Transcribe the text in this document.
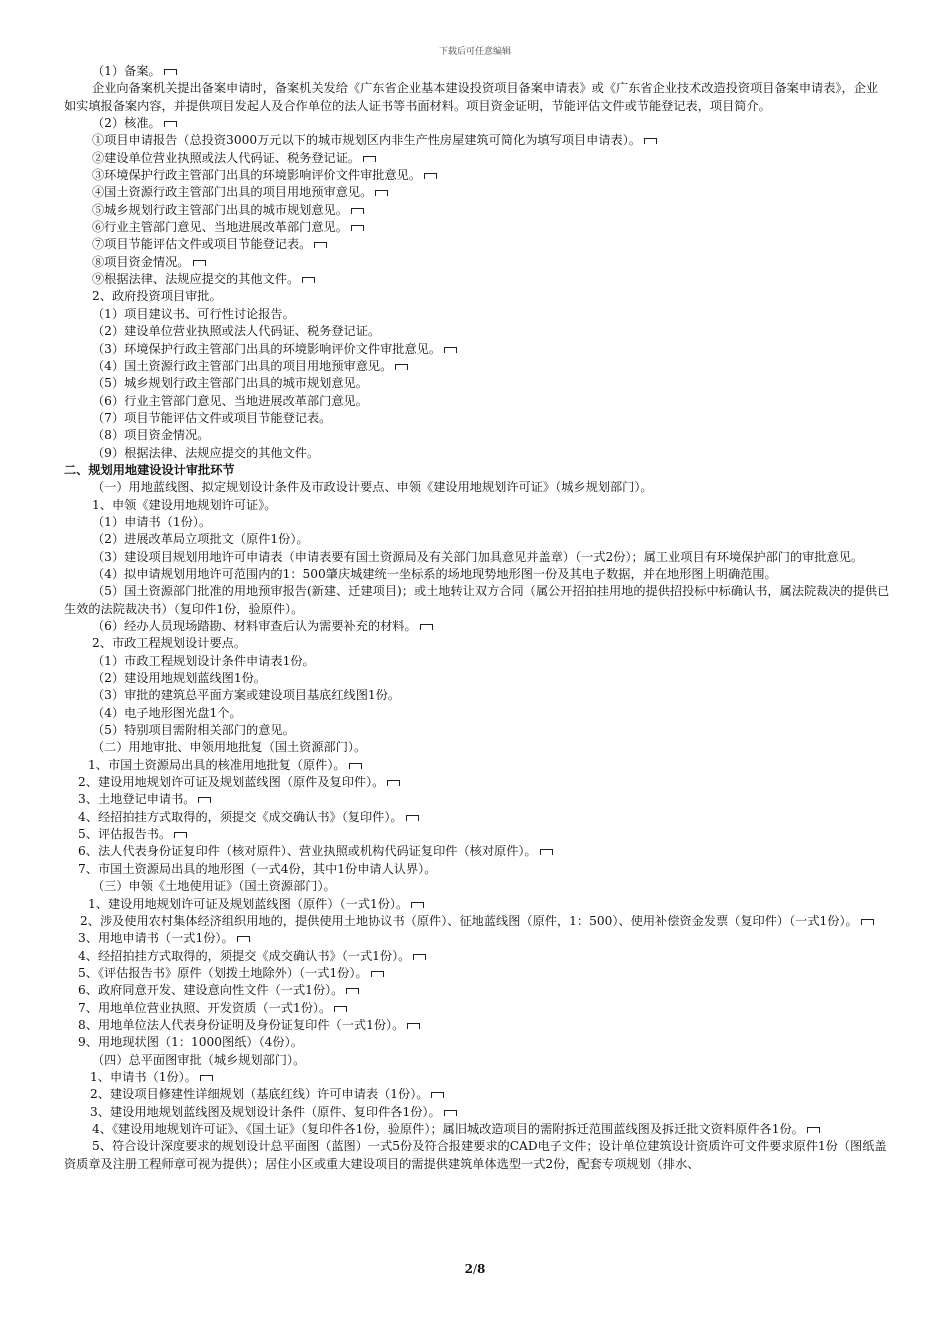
下载后可任意编辑

（1）备案。

企业向备案机关提出备案申请时，备案机关发给《广东省企业基本建设投资项目备案申请表》或《广东省企业技术改造投资项目备案申请表》，企业如实填报备案内容，并提供项目发起人及合作单位的法人证书等书面材料。项目资金证明，节能评估文件或节能登记表，项目简介。

（2）核准。

①项目申请报告（总投资3000万元以下的城市规划区内非生产性房屋建筑可简化为填写项目申请表）。

②建设单位营业执照或法人代码证、税务登记证。

③环境保护行政主管部门出具的环境影响评价文件审批意见。

④国土资源行政主管部门出具的项目用地预审意见。

⑤城乡规划行政主管部门出具的城市规划意见。

⑥行业主管部门意见、当地进展改革部门意见。

⑦项目节能评估文件或项目节能登记表。

⑧项目资金情况。

⑨根据法律、法规应提交的其他文件。

2、政府投资项目审批。

（1）项目建议书、可行性讨论报告。

（2）建设单位营业执照或法人代码证、税务登记证。

（3）环境保护行政主管部门出具的环境影响评价文件审批意见。

（4）国土资源行政主管部门出具的项目用地预审意见。

（5）城乡规划行政主管部门出具的城市规划意见。

（6）行业主管部门意见、当地进展改革部门意见。

（7）项目节能评估文件或项目节能登记表。

（8）项目资金情况。

（9）根据法律、法规应提交的其他文件。

二、规划用地建设设计审批环节

（一）用地蓝线图、拟定规划设计条件及市政设计要点、申领《建设用地规划许可证》（城乡规划部门）。

1、申领《建设用地规划许可证》。

（1）申请书（1份）。

（2）进展改革局立项批文（原件1份）。

（3）建设项目规划用地许可申请表（申请表要有国土资源局及有关部门加具意见并盖章）（一式2份）；属工业项目有环境保护部门的审批意见。

（4）拟申请规划用地许可范围内的1：500肇庆城建统一坐标系的场地现势地形图一份及其电子数据，并在地形图上明确范围。

（5）国土资源部门批准的用地预审报告(新建、迁建项目)；或土地转让双方合同（属公开招拍挂用地的提供招投标中标确认书，属法院裁决的提供已生效的法院裁决书）（复印件1份，验原件）。

（6）经办人员现场踏勘、材料审查后认为需要补充的材料。

2、市政工程规划设计要点。

（1）市政工程规划设计条件申请表1份。

（2）建设用地规划蓝线图1份。

（3）审批的建筑总平面方案或建设项目基底红线图1份。

（4）电子地形图光盘1个。

（5）特别项目需附相关部门的意见。

（二）用地审批、申领用地批复（国土资源部门）。

1、市国土资源局出具的核准用地批复（原件）。

2、建设用地规划许可证及规划蓝线图（原件及复印件）。

3、土地登记申请书。

4、经招拍挂方式取得的，须提交《成交确认书》（复印件）。

5、评估报告书。

6、法人代表身份证复印件（核对原件）、营业执照或机构代码证复印件（核对原件）。

7、市国土资源局出具的地形图（一式4份，其中1份申请人认界）。

（三）申领《土地使用证》（国土资源部门）。

1、建设用地规划许可证及规划蓝线图（原件）（一式1份）。

2、涉及使用农村集体经济组织用地的，提供使用土地协议书（原件）、征地蓝线图（原件，1：500）、使用补偿资金发票（复印件）（一式1份）。

3、用地申请书（一式1份）。

4、经招拍挂方式取得的，须提交《成交确认书》（一式1份）。

5、《评估报告书》原件（划拨土地除外）（一式1份）。

6、政府同意开发、建设意向性文件（一式1份）。

7、用地单位营业执照、开发资质（一式1份）。

8、用地单位法人代表身份证明及身份证复印件（一式1份）。

9、用地现状图（1：1000图纸）（4份）。

（四）总平面图审批（城乡规划部门）。

1、申请书（1份）。

2、建设项目修建性详细规划（基底红线）许可申请表（1份）。

3、建设用地规划蓝线图及规划设计条件（原件、复印件各1份）。

4、《建设用地规划许可证》、《国土证》（复印件各1份，验原件）；属旧城改造项目的需附拆迁范围蓝线图及拆迁批文资料原件各1份。

5、符合设计深度要求的规划设计总平面图（蓝图）一式5份及符合报建要求的CAD电子文件；设计单位建筑设计资质许可文件要求原件1份（图纸盖资质章及注册工程师章可视为提供）；居住小区或重大建设项目的需提供建筑单体选型一式2份，配套专项规划（排水、

2/8
